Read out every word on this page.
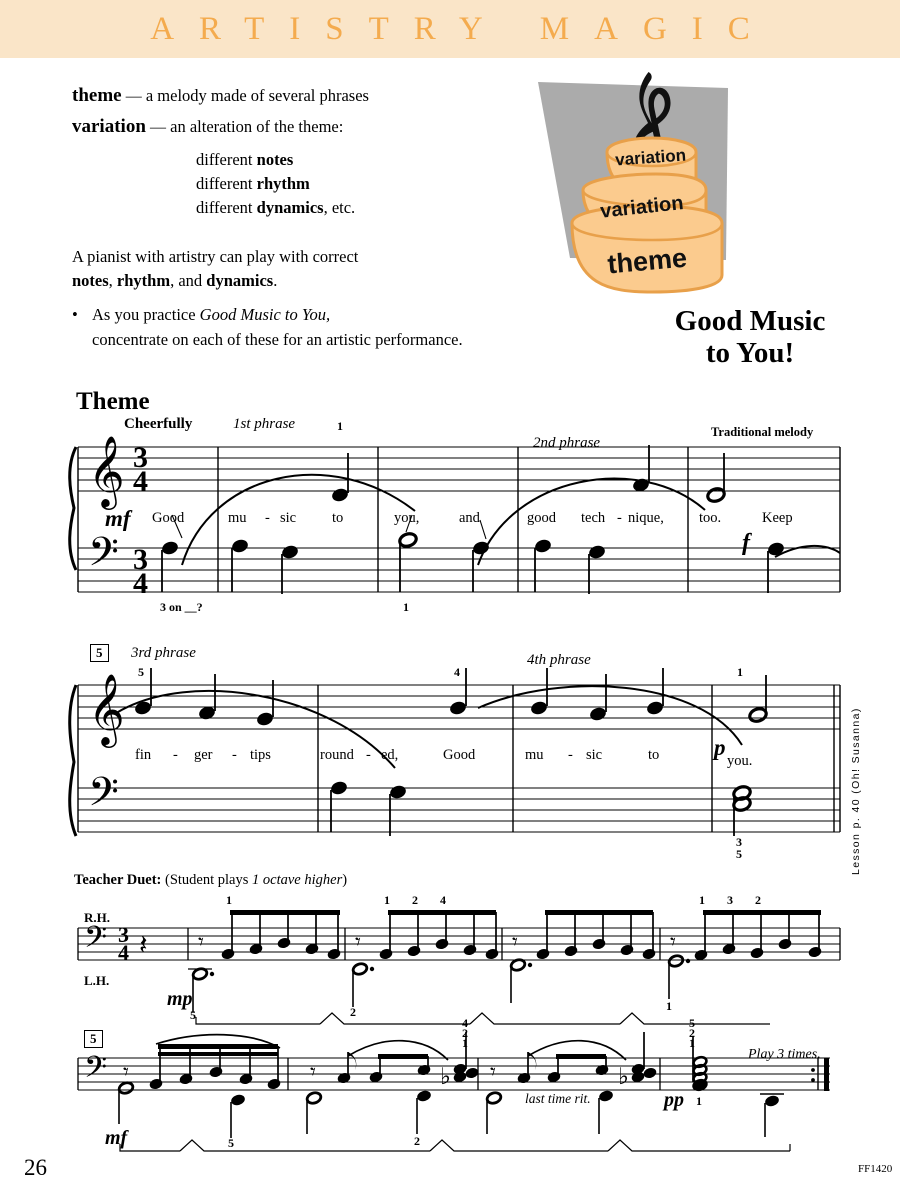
ARTISTRY MAGIC
theme — a melody made of several phrases
variation — an alteration of the theme:
different notes
different rhythm
different dynamics, etc.
A pianist with artistry can play with correct
notes, rhythm, and dynamics.
• As you practice Good Music to You,
concentrate on each of these for an artistic performance.
variation
variation
theme
Good Music
to You!
Theme
Cheerfully	1st phrase
2nd phrase
Traditional melody
𝄞
𝄢
3
4
3
4
1
1
mf
f
Good	mu - sic to	you,	and	good tech - nique, too.	Keep
3 on __?
5	3rd phrase	4th phrase
𝄞
𝄢
5	4	1
3
5
p
fin - ger - tips	round - ed,	Good	mu - sic	to	you.
Teacher Duet: (Student plays 1 octave higher)
R.H.
L.H.
5
Play 3 times.
last time rit.
mp
mf
pp
𝄢 3
4 𝄽 𝄾	𝄾	𝄾	𝄾
𝄢 𝄾	𝄾	♭ 𝄾	♭
1	1 2 4	1 3 2
5	2	1
5	2
4
2
1
5
2
1
1
26	FF1420
Lesson p. 40 (Oh! Susanna)
